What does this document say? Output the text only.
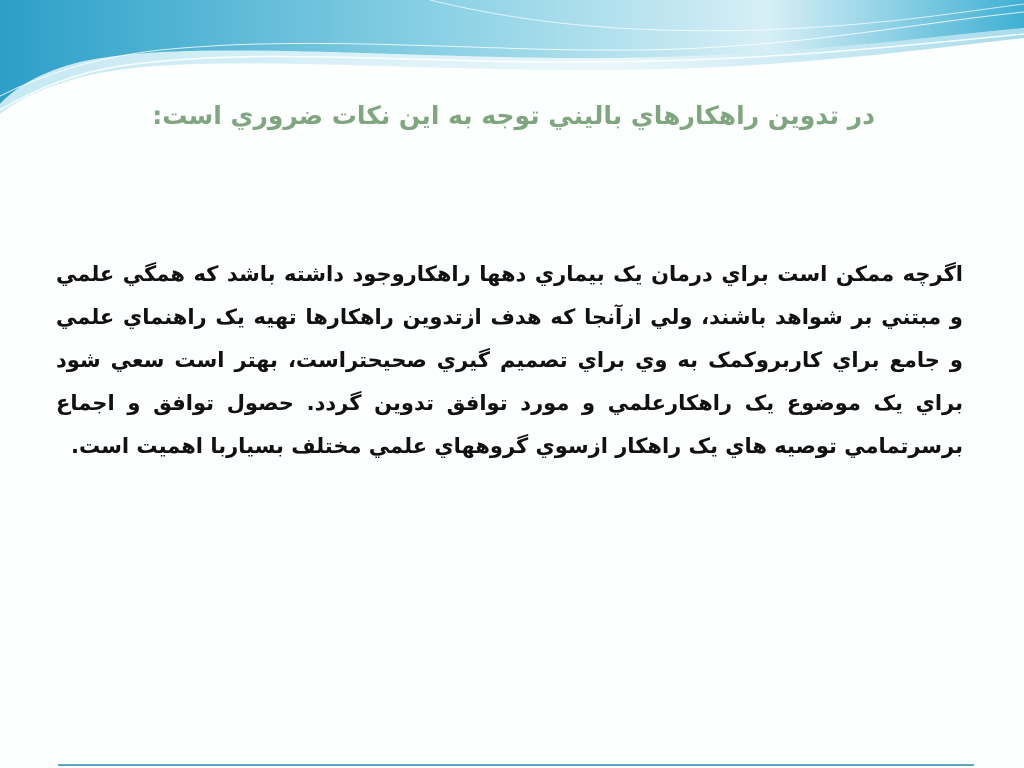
در تدوين راهکارهاي باليني توجه به اين نکات ضروري است:

اگرچه ممکن است براي درمان يک بيماري دهها راهکاروجود داشته باشد که همگي علمي و مبتني بر شواهد باشند، ولي ازآنجا که هدف ازتدوين راهکارها تهيه يک راهنماي علمي و جامع براي کاربروکمک به وي براي تصميم گيري صحيحتراست، بهتر است سعي شود براي يک موضوع يک راهکارعلمي و مورد توافق تدوين گردد. حصول توافق و اجماع برسرتمامي توصيه هاي يک راهکار ازسوي گروههاي علمي مختلف بسياربا اهميت است.
